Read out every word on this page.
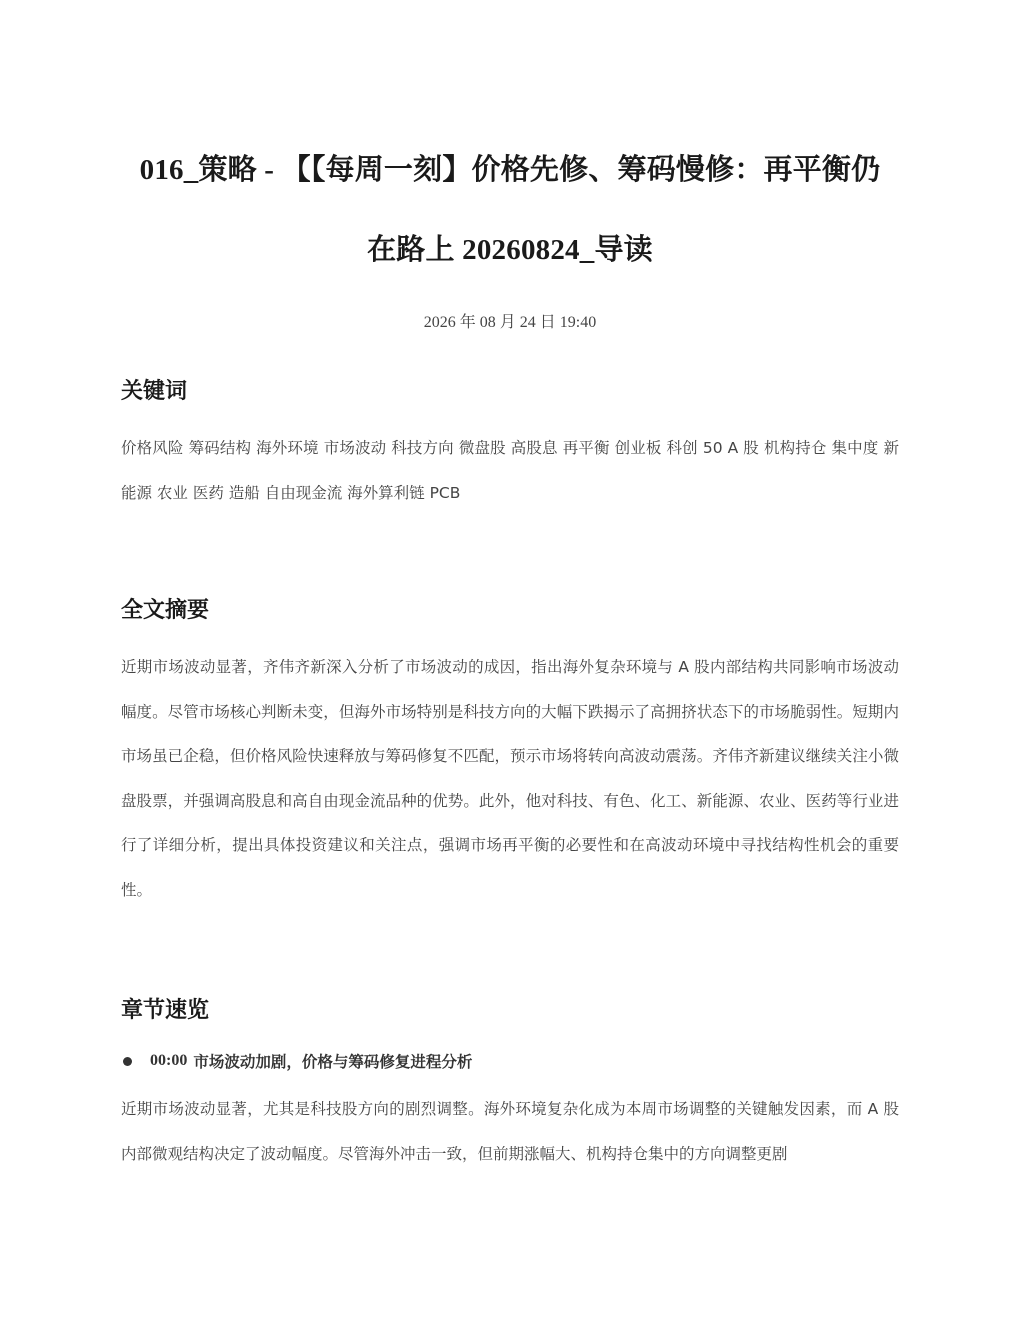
016_策略 - 【【每周一刻】价格先修、筹码慢修：再平衡仍
在路上 20260824_导读

2026 年 08 月 24 日 19:40

关键词

价格风险 筹码结构 海外环境 市场波动 科技方向 微盘股 高股息 再平衡 创业板 科创 50 A 股 机构持仓 集中度 新能源 农业 医药 造船 自由现金流 海外算利链 PCB

全文摘要

近期市场波动显著，齐伟齐新深入分析了市场波动的成因，指出海外复杂环境与 A 股内部结构共同影响市场波动幅度。尽管市场核心判断未变，但海外市场特别是科技方向的大幅下跌揭示了高拥挤状态下的市场脆弱性。短期内市场虽已企稳，但价格风险快速释放与筹码修复不匹配，预示市场将转向高波动震荡。齐伟齐新建议继续关注小微盘股票，并强调高股息和高自由现金流品种的优势。此外，他对科技、有色、化工、新能源、农业、医药等行业进行了详细分析，提出具体投资建议和关注点，强调市场再平衡的必要性和在高波动环境中寻找结构性机会的重要性。

章节速览
00:00 市场波动加剧，价格与筹码修复进程分析

近期市场波动显著，尤其是科技股方向的剧烈调整。海外环境复杂化成为本周市场调整的关键触发因素，而 A 股内部微观结构决定了波动幅度。尽管海外冲击一致，但前期涨幅大、机构持仓集中的方向调整更剧
